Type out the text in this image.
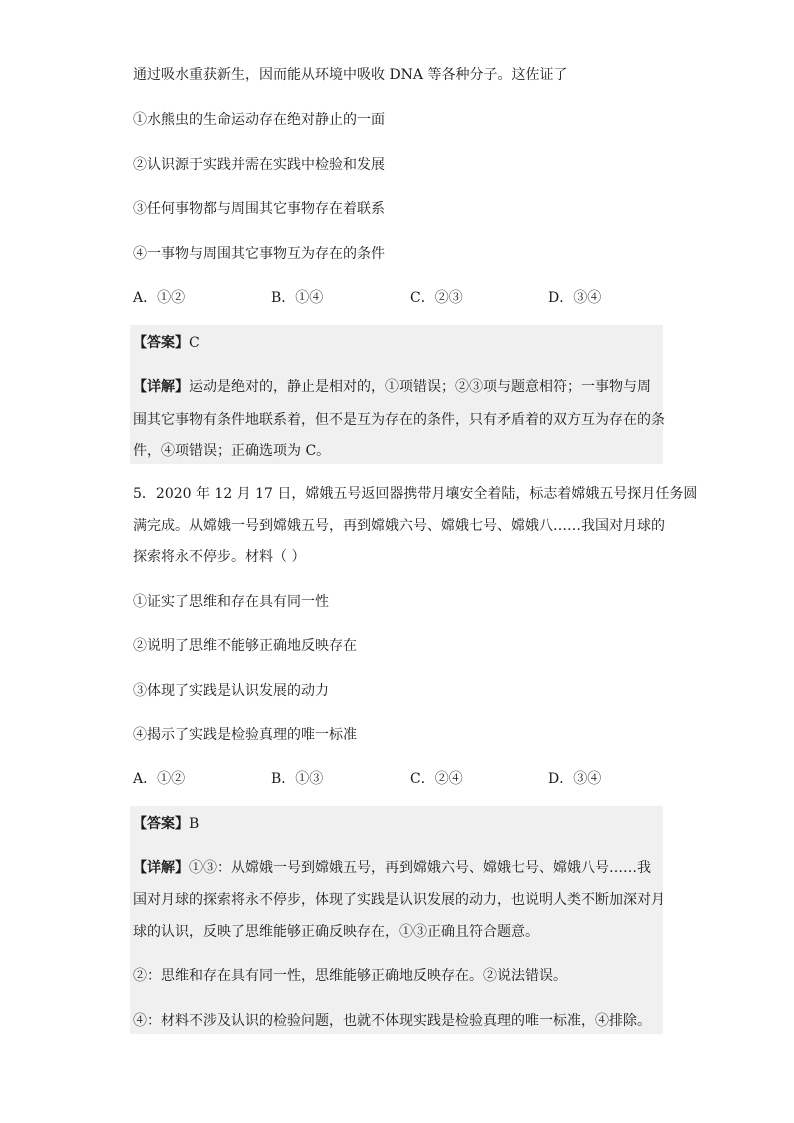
通过吸水重获新生，因而能从环境中吸收 DNA 等各种分子。这佐证了
①水熊虫的生命运动存在绝对静止的一面
②认识源于实践并需在实践中检验和发展
③任何事物都与周围其它事物存在着联系
④一事物与周围其它事物互为存在的条件
A．①②	B．①④	C．②③	D．③④
【答案】C
【详解】运动是绝对的，静止是相对的，①项错误；②③项与题意相符；一事物与周
围其它事物有条件地联系着，但不是互为存在的条件，只有矛盾着的双方互为存在的条
件，④项错误；正确选项为 C。
5．2020 年 12 月 17 日，嫦娥五号返回器携带月壤安全着陆，标志着嫦娥五号探月任务圆
满完成。从嫦娥一号到嫦娥五号，再到嫦娥六号、嫦娥七号、嫦娥八……我国对月球的
探索将永不停步。材料（ ）
①证实了思维和存在具有同一性
②说明了思维不能够正确地反映存在
③体现了实践是认识发展的动力
④揭示了实践是检验真理的唯一标准
A．①②	B．①③	C．②④	D．③④
【答案】B
【详解】①③：从嫦娥一号到嫦娥五号，再到嫦娥六号、嫦娥七号、嫦娥八号……我
国对月球的探索将永不停步，体现了实践是认识发展的动力，也说明人类不断加深对月
球的认识，反映了思维能够正确反映存在，①③正确且符合题意。
②：思维和存在具有同一性，思维能够正确地反映存在。②说法错误。
④：材料不涉及认识的检验问题，也就不体现实践是检验真理的唯一标准，④排除。
